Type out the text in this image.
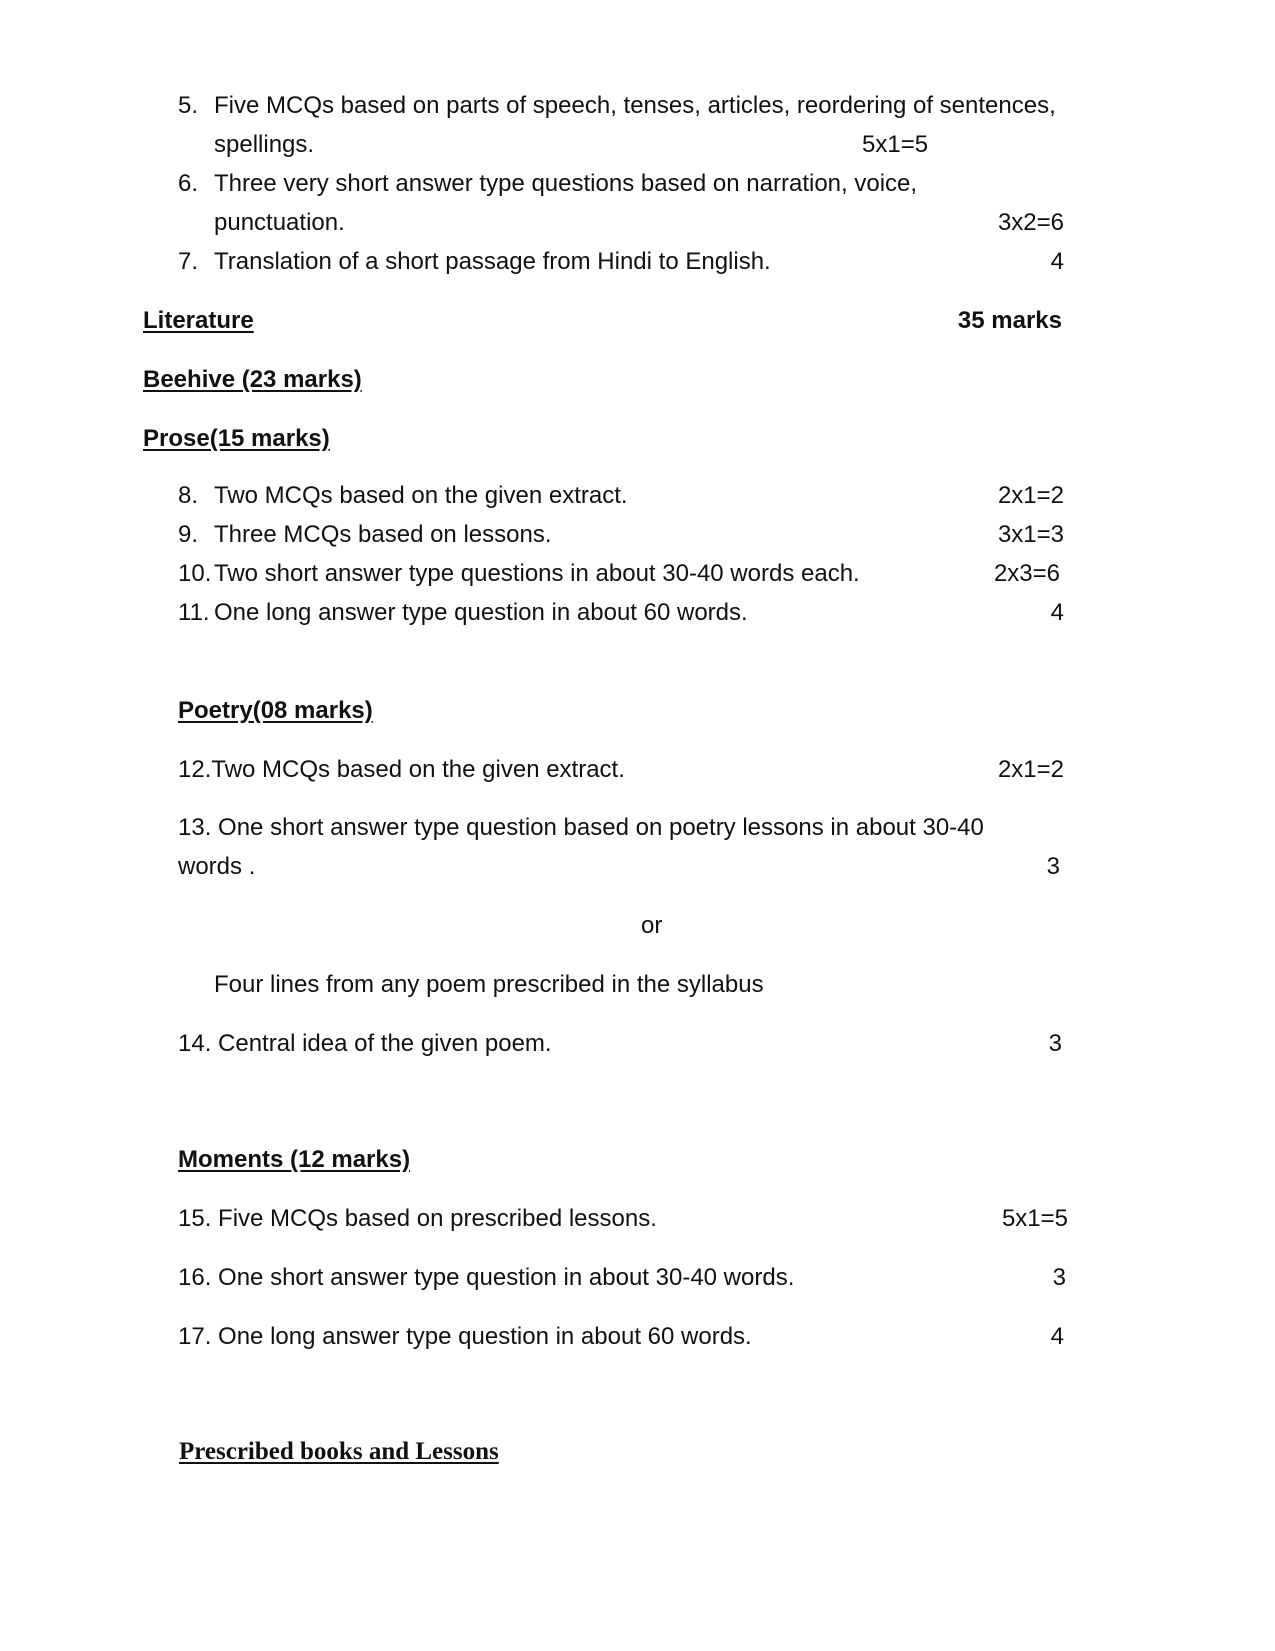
5. Five MCQs based on parts of speech, tenses, articles, reordering of sentences,
spellings.	5x1=5
6. Three very short answer type questions based on narration, voice,
punctuation.	3x2=6
7. Translation of a short passage from Hindi to English.	4
Literature	35 marks
Beehive (23 marks)
Prose(15 marks)
8. Two MCQs based on the given extract.	2x1=2
9. Three MCQs based on lessons.	3x1=3
10. Two short answer type questions in about 30-40 words each.	2x3=6
11. One long answer type question in about 60 words.	4
Poetry(08 marks)
12.Two MCQs based on the given extract.	2x1=2
13. One short answer type question based on poetry lessons in about 30-40
words .	3
or
Four lines from any poem prescribed in the syllabus
14. Central idea of the given poem.	3
Moments (12 marks)
15. Five MCQs based on prescribed lessons.	5x1=5
16. One short answer type question in about 30-40 words.	3
17. One long answer type question in about 60 words.	4
Prescribed books and Lessons
